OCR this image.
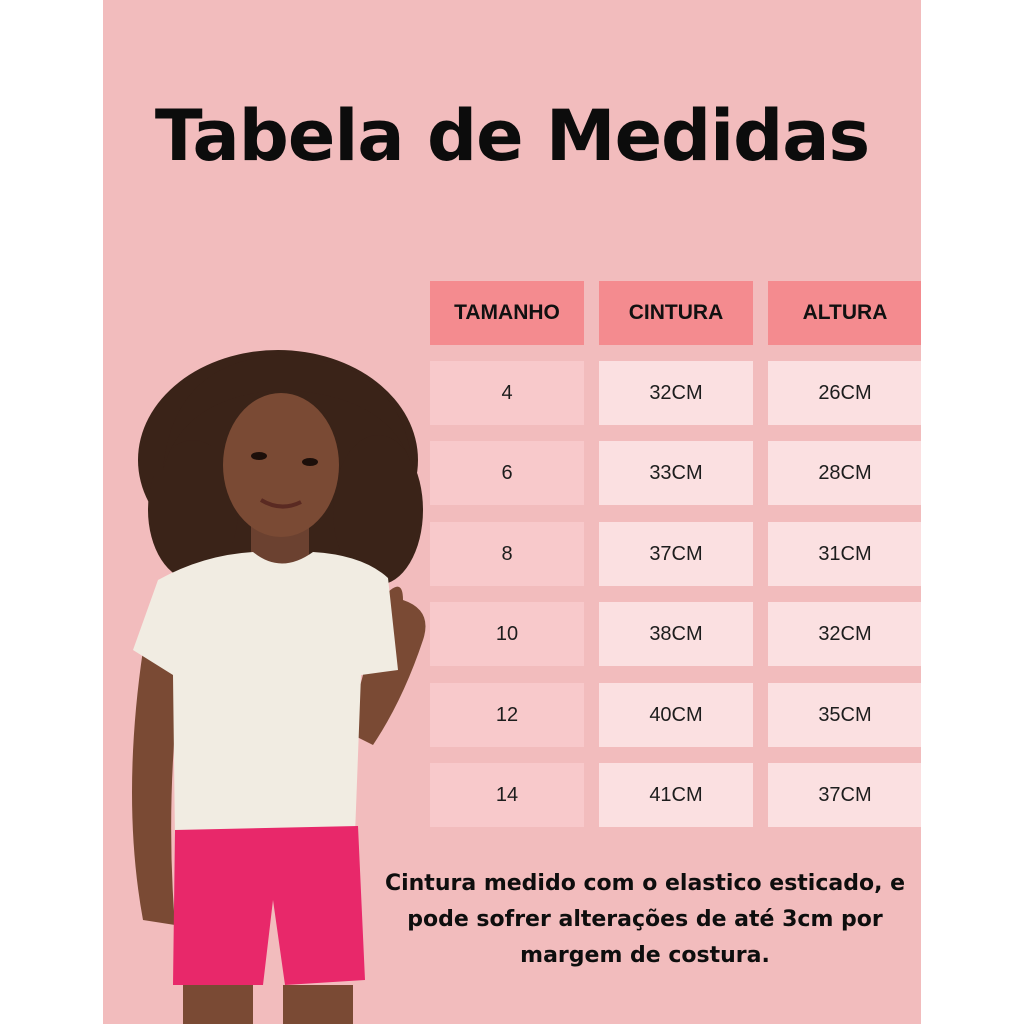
Tabela de Medidas
TAMANHO	CINTURA	ALTURA
4	32CM	26CM
6	33CM	28CM
8	37CM	31CM
10	38CM	32CM
12	40CM	35CM
14	41CM	37CM
Cintura medido com o elastico esticado, e
pode sofrer alterações de até 3cm por
margem de costura.
